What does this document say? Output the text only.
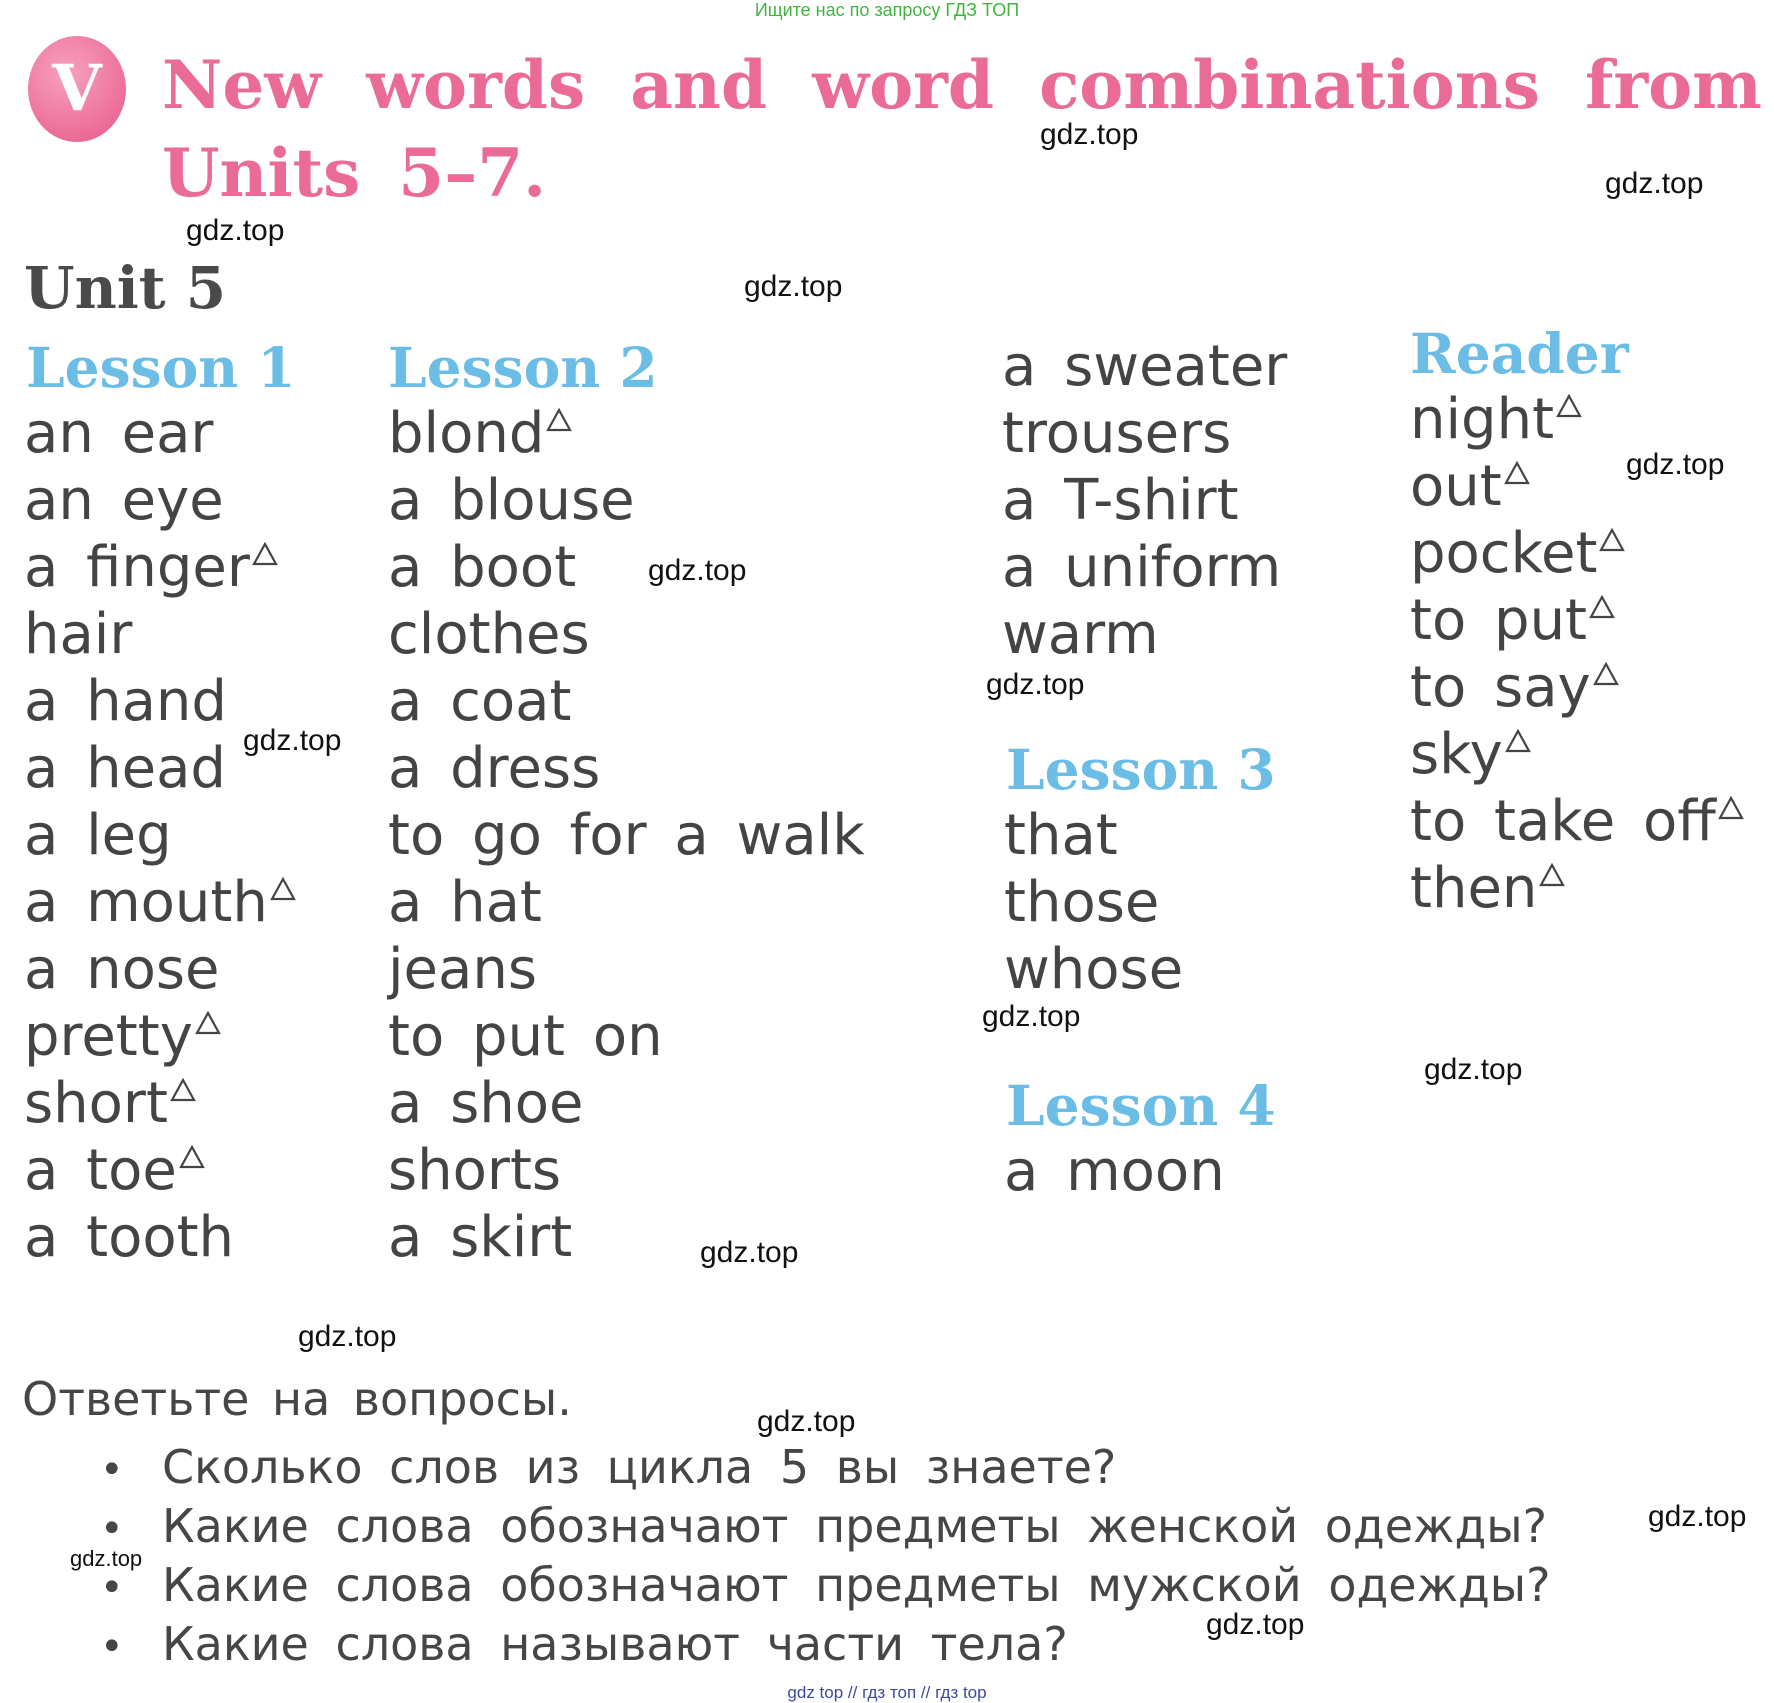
Ищите нас по запросу ГДЗ ТОП
V New words and word combinations from
Units 5–7.
Unit 5
Lesson 1
an ear
an eye
a finger
hair
a hand
a head
a leg
a mouth
a nose
pretty
short
a toe
a tooth
Lesson 2
blond
a blouse
a boot
clothes
a coat
a dress
to go for a walk
a hat
jeans
to put on
a shoe
shorts
a skirt
a sweater
trousers
a T-shirt
a uniform
warm
Lesson 3
that
those
whose
Lesson 4
a moon
Reader
night
out
pocket
to put
to say
sky
to take off
then
Ответьте на вопросы.
• Сколько слов из цикла 5 вы знаете?
• Какие слова обозначают предметы женской одежды?
• Какие слова обозначают предметы мужской одежды?
• Какие слова называют части тела?
gdz.top
gdz.top
gdz.top
gdz.top
gdz.top
gdz.top
gdz.top
gdz.top
gdz.top
gdz.top
gdz.top
gdz.top
gdz.top
gdz.top
gdz.top
gdz.top
gdz top // гдз топ // гдз top
